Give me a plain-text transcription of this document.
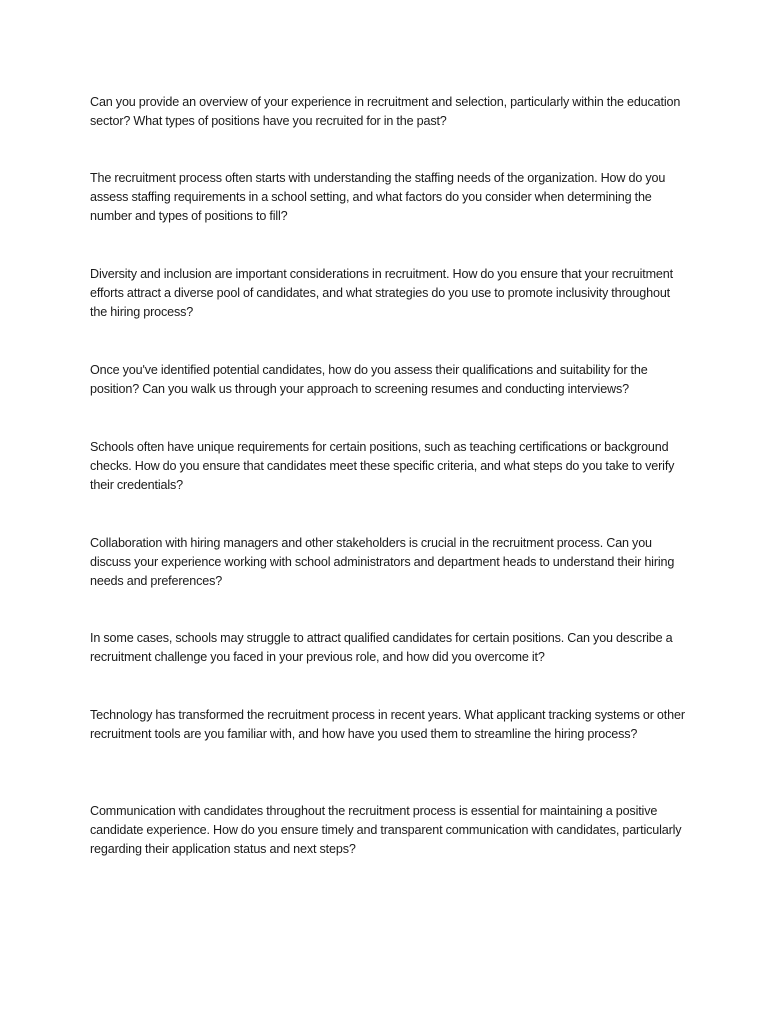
Can you provide an overview of your experience in recruitment and selection, particularly within the education sector? What types of positions have you recruited for in the past?

The recruitment process often starts with understanding the staffing needs of the organization. How do you assess staffing requirements in a school setting, and what factors do you consider when determining the number and types of positions to fill?

Diversity and inclusion are important considerations in recruitment. How do you ensure that your recruitment efforts attract a diverse pool of candidates, and what strategies do you use to promote inclusivity throughout the hiring process?

Once you've identified potential candidates, how do you assess their qualifications and suitability for the position? Can you walk us through your approach to screening resumes and conducting interviews?

Schools often have unique requirements for certain positions, such as teaching certifications or background checks. How do you ensure that candidates meet these specific criteria, and what steps do you take to verify their credentials?

Collaboration with hiring managers and other stakeholders is crucial in the recruitment process. Can you discuss your experience working with school administrators and department heads to understand their hiring needs and preferences?

In some cases, schools may struggle to attract qualified candidates for certain positions. Can you describe a recruitment challenge you faced in your previous role, and how did you overcome it?

Technology has transformed the recruitment process in recent years. What applicant tracking systems or other recruitment tools are you familiar with, and how have you used them to streamline the hiring process?

Communication with candidates throughout the recruitment process is essential for maintaining a positive candidate experience. How do you ensure timely and transparent communication with candidates, particularly regarding their application status and next steps?
